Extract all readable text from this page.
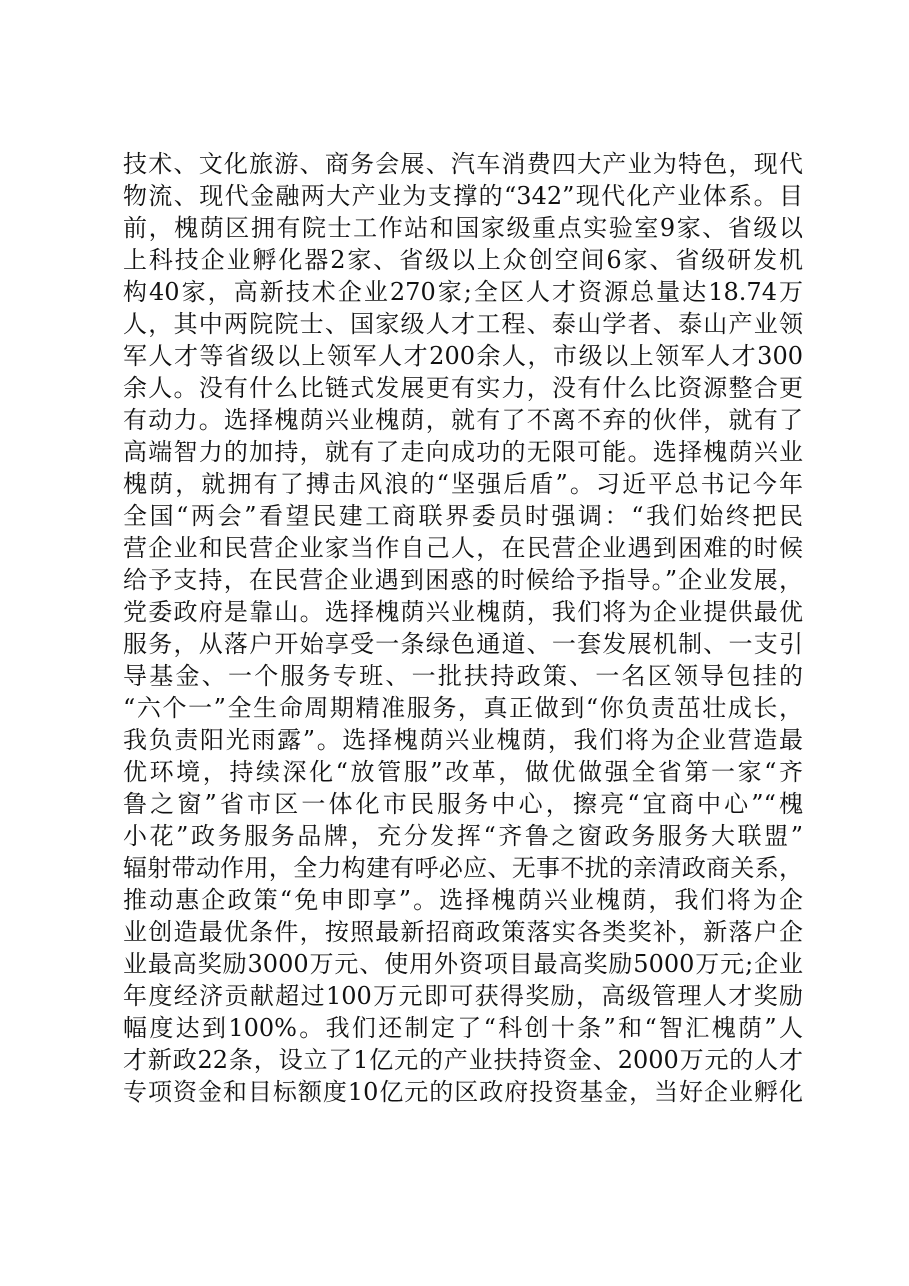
技术、文化旅游、商务会展、汽车消费四大产业为特色，现代
物流、现代金融两大产业为支撑的“342”现代化产业体系。目
前，槐荫区拥有院士工作站和国家级重点实验室9家、省级以
上科技企业孵化器2家、省级以上众创空间6家、省级研发机
构40家，高新技术企业270家;全区人才资源总量达18.74万
人，其中两院院士、国家级人才工程、泰山学者、泰山产业领
军人才等省级以上领军人才200余人，市级以上领军人才300
余人。没有什么比链式发展更有实力，没有什么比资源整合更
有动力。选择槐荫兴业槐荫，就有了不离不弃的伙伴，就有了
高端智力的加持，就有了走向成功的无限可能。选择槐荫兴业
槐荫，就拥有了搏击风浪的“坚强后盾”。习近平总书记今年
全国“两会”看望民建工商联界委员时强调：“我们始终把民
营企业和民营企业家当作自己人，在民营企业遇到困难的时候
给予支持，在民营企业遇到困惑的时候给予指导。”企业发展，
党委政府是靠山。选择槐荫兴业槐荫，我们将为企业提供最优
服务，从落户开始享受一条绿色通道、一套发展机制、一支引
导基金、一个服务专班、一批扶持政策、一名区领导包挂的
“六个一”全生命周期精准服务，真正做到“你负责茁壮成长，
我负责阳光雨露”。选择槐荫兴业槐荫，我们将为企业营造最
优环境，持续深化“放管服”改革，做优做强全省第一家“齐
鲁之窗”省市区一体化市民服务中心，擦亮“宜商中心”“槐
小花”政务服务品牌，充分发挥“齐鲁之窗政务服务大联盟”
辐射带动作用，全力构建有呼必应、无事不扰的亲清政商关系，
推动惠企政策“免申即享”。选择槐荫兴业槐荫，我们将为企
业创造最优条件，按照最新招商政策落实各类奖补，新落户企
业最高奖励3000万元、使用外资项目最高奖励5000万元;企业
年度经济贡献超过100万元即可获得奖励，高级管理人才奖励
幅度达到100%。我们还制定了“科创十条”和“智汇槐荫”人
才新政22条，设立了1亿元的产业扶持资金、2000万元的人才
专项资金和目标额度10亿元的区政府投资基金，当好企业孵化
